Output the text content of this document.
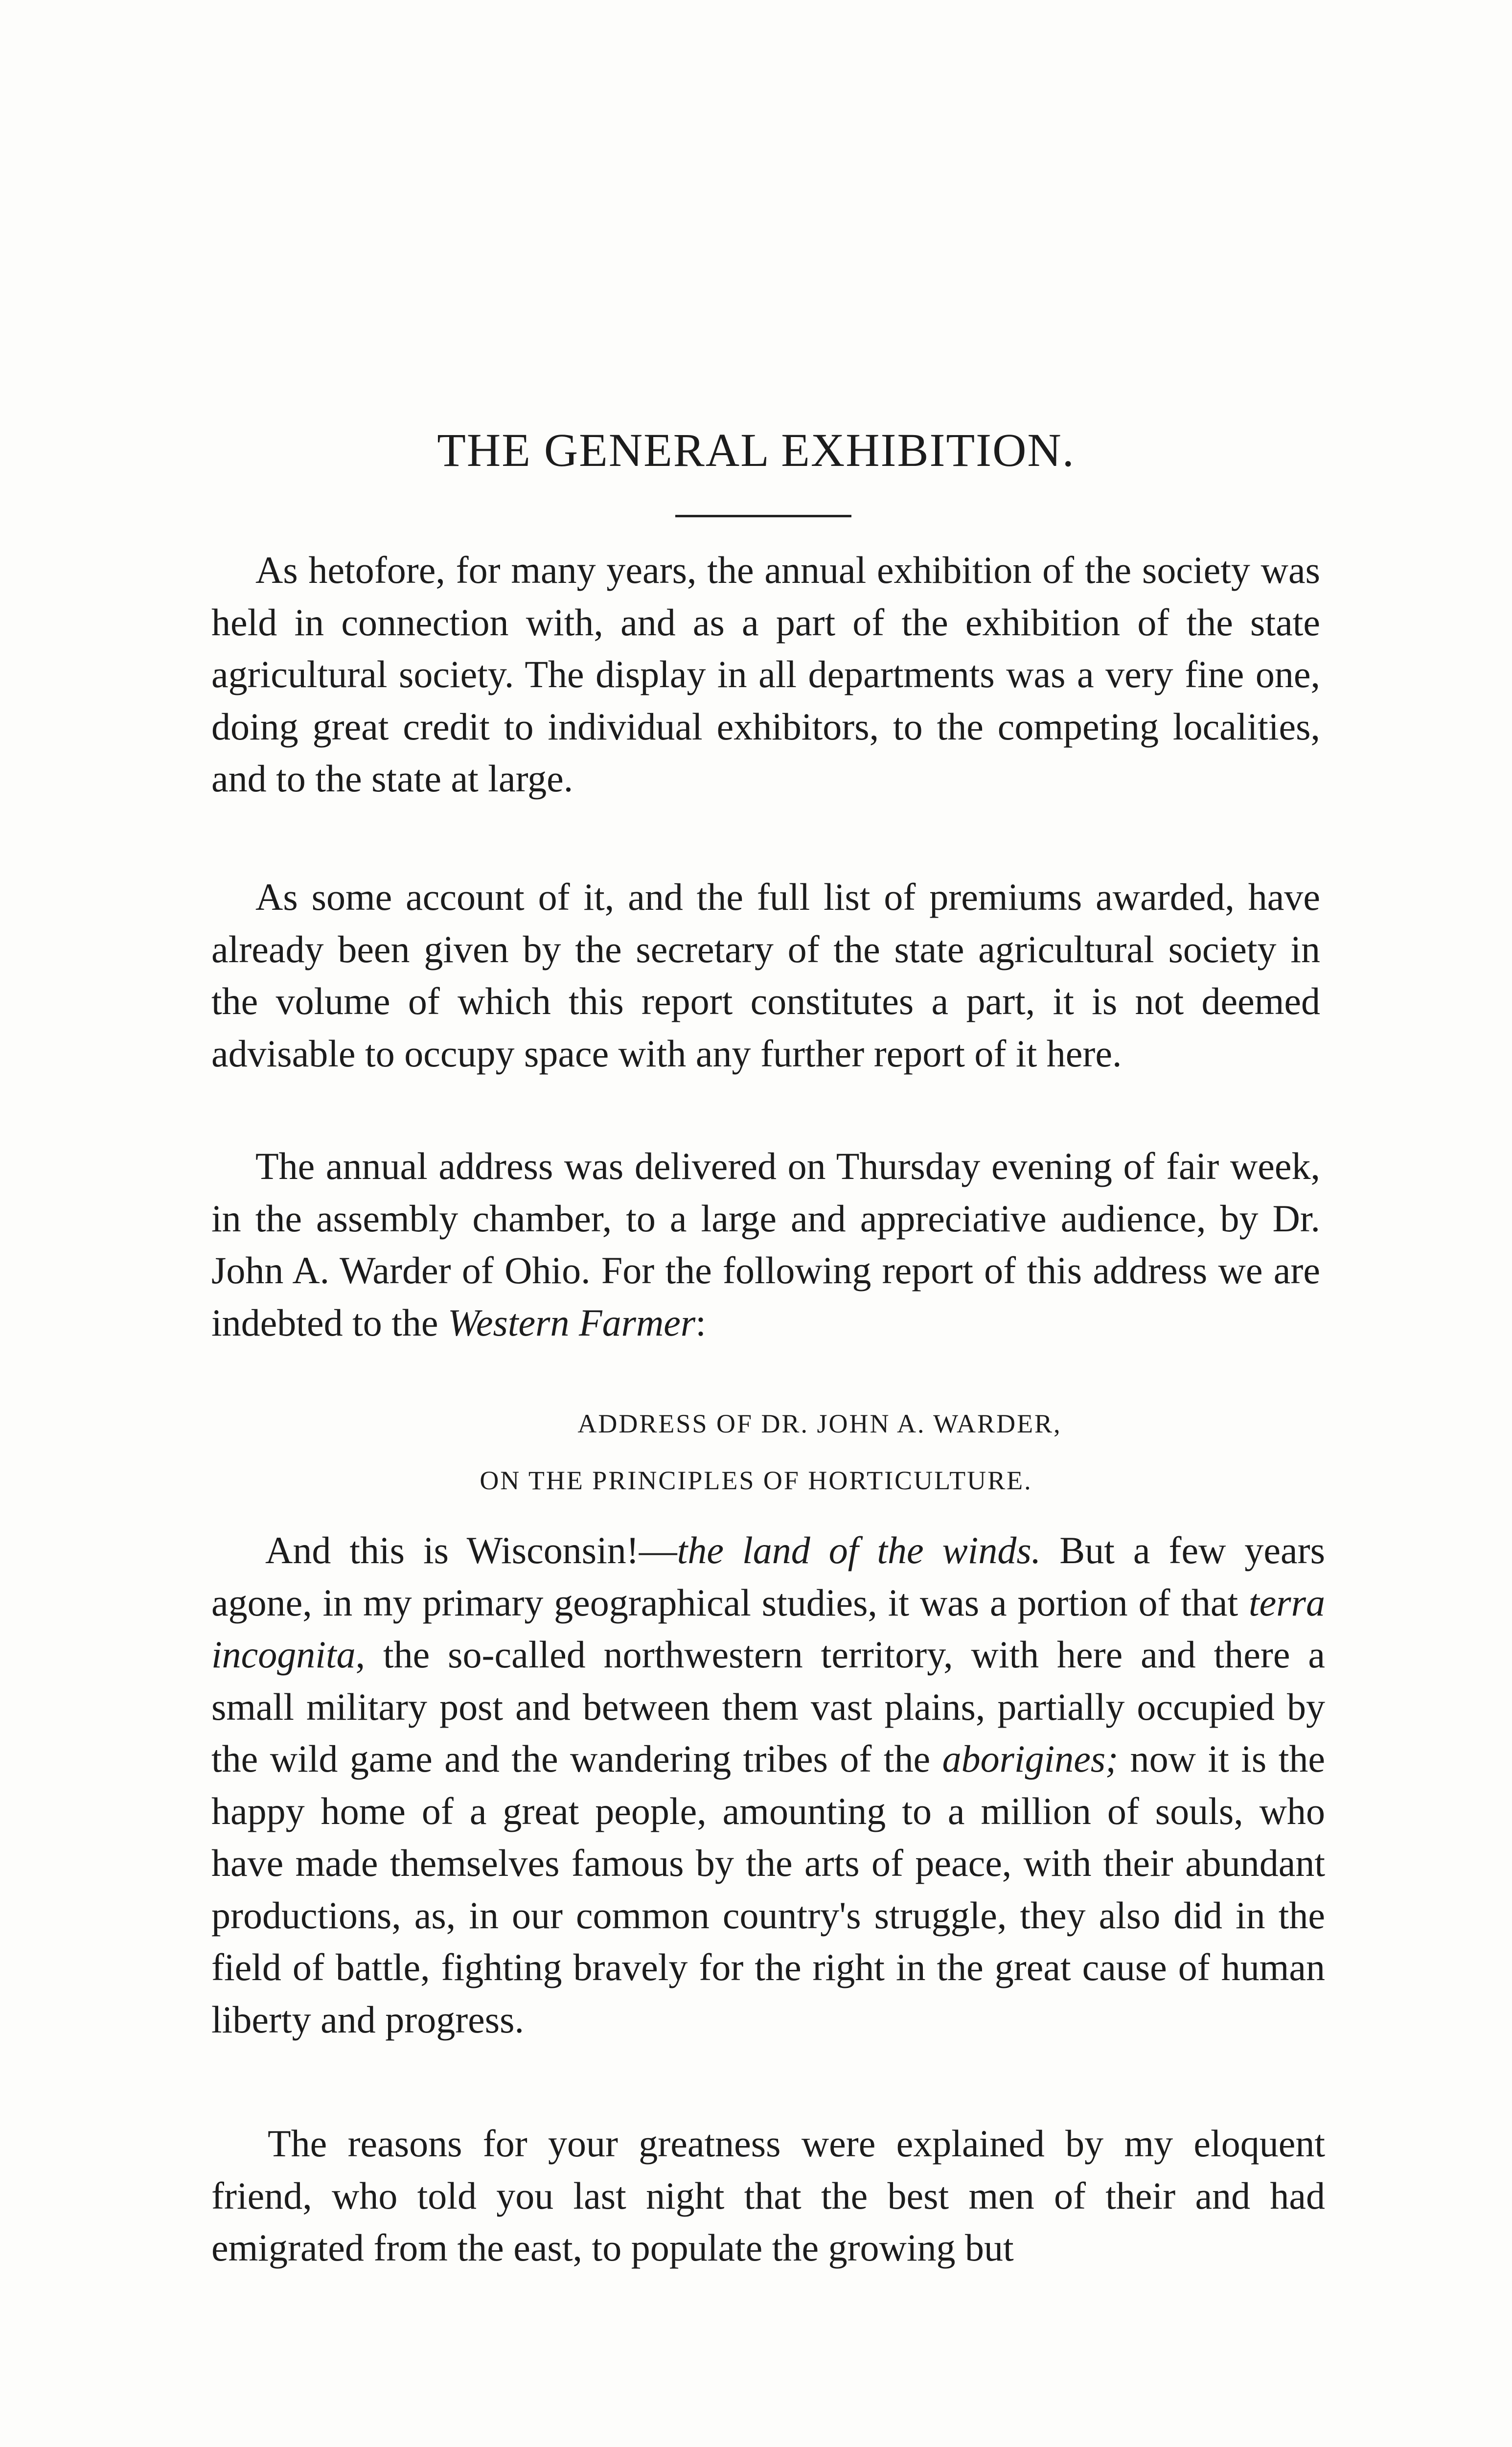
THE GENERAL EXHIBITION.

As hetofore, for many years, the annual exhibition of the society was held in connection with, and as a part of the exhibition of the state agricultural society. The display in all departments was a very fine one, doing great credit to individual exhibitors, to the competing localities, and to the state at large.

As some account of it, and the full list of premiums awarded, have already been given by the secretary of the state agricultural society in the volume of which this report constitutes a part, it is not deemed advisable to occupy space with any further report of it here.

The annual address was delivered on Thursday evening of fair week, in the assembly chamber, to a large and appreciative audience, by Dr. John A. Warder of Ohio. For the following report of this address we are indebted to the Western Farmer:

ADDRESS OF DR. JOHN A. WARDER,
ON THE PRINCIPLES OF HORTICULTURE.

And this is Wisconsin!—the land of the winds. But a few years agone, in my primary geographical studies, it was a portion of that terra incognita, the so-called northwestern territory, with here and there a small military post and between them vast plains, partially occupied by the wild game and the wandering tribes of the aborigines; now it is the happy home of a great people, amounting to a million of souls, who have made themselves famous by the arts of peace, with their abundant productions, as, in our common country's struggle, they also did in the field of battle, fighting bravely for the right in the great cause of human liberty and progress.

The reasons for your greatness were explained by my eloquent friend, who told you last night that the best men of their and had emigrated from the east, to populate the growing but
